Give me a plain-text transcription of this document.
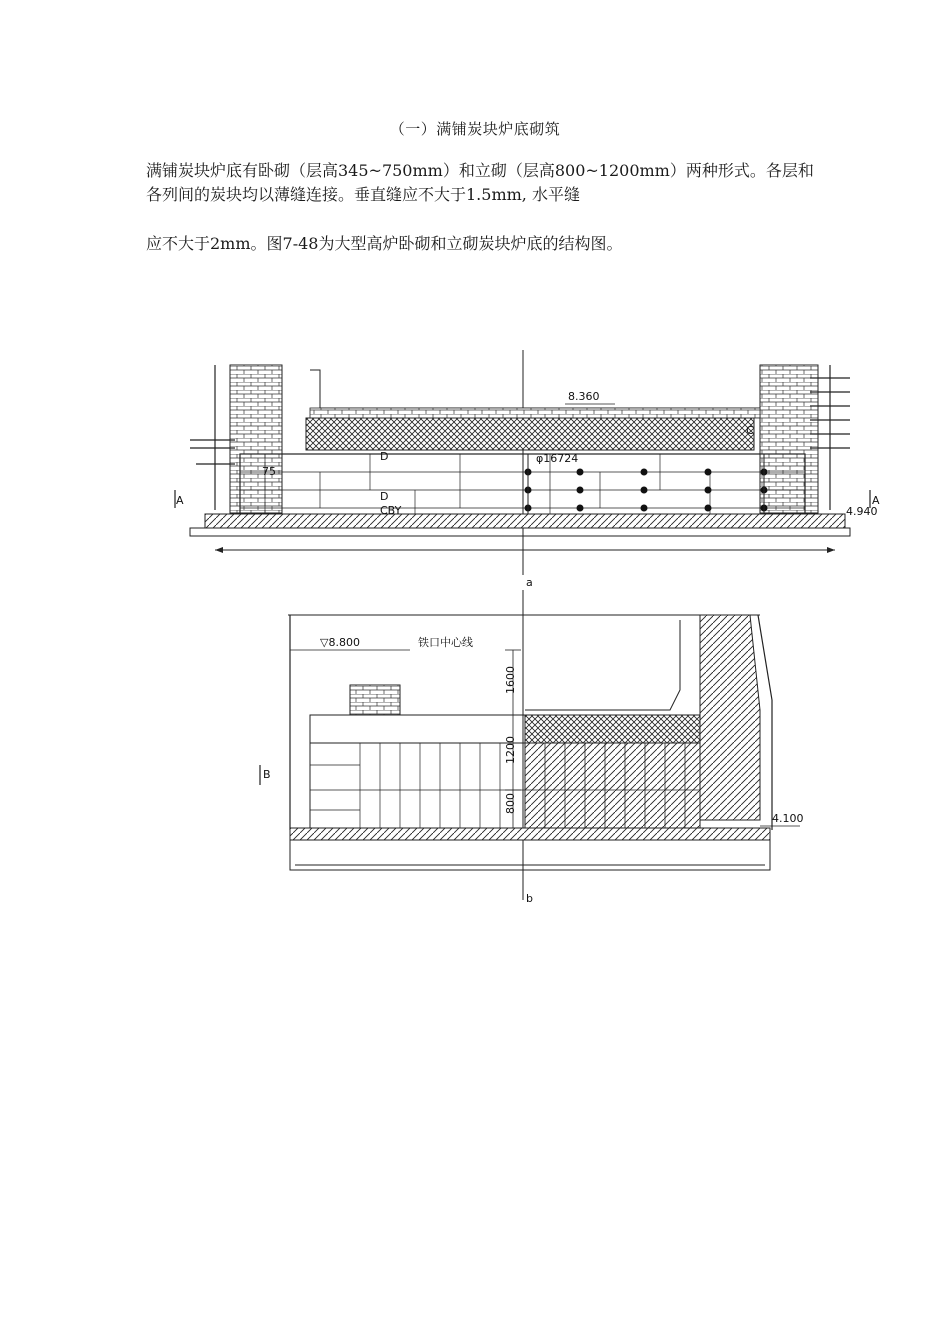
（一）满铺炭块炉底砌筑
满铺炭块炉底有卧砌（层高345~750mm）和立砌（层高800~1200mm）两种形式。各层和各列间的炭块均以薄缝连接。垂直缝应不大于1.5mm, 水平缝
应不大于2mm。图7-48为大型高炉卧砌和立砌炭块炉底的结构图。
8.360
φ16724
75
D
D
CBY
C
4.940
A	A
a
b
▽8.800	铁口中心线
1600
1200
800
4.100
B
